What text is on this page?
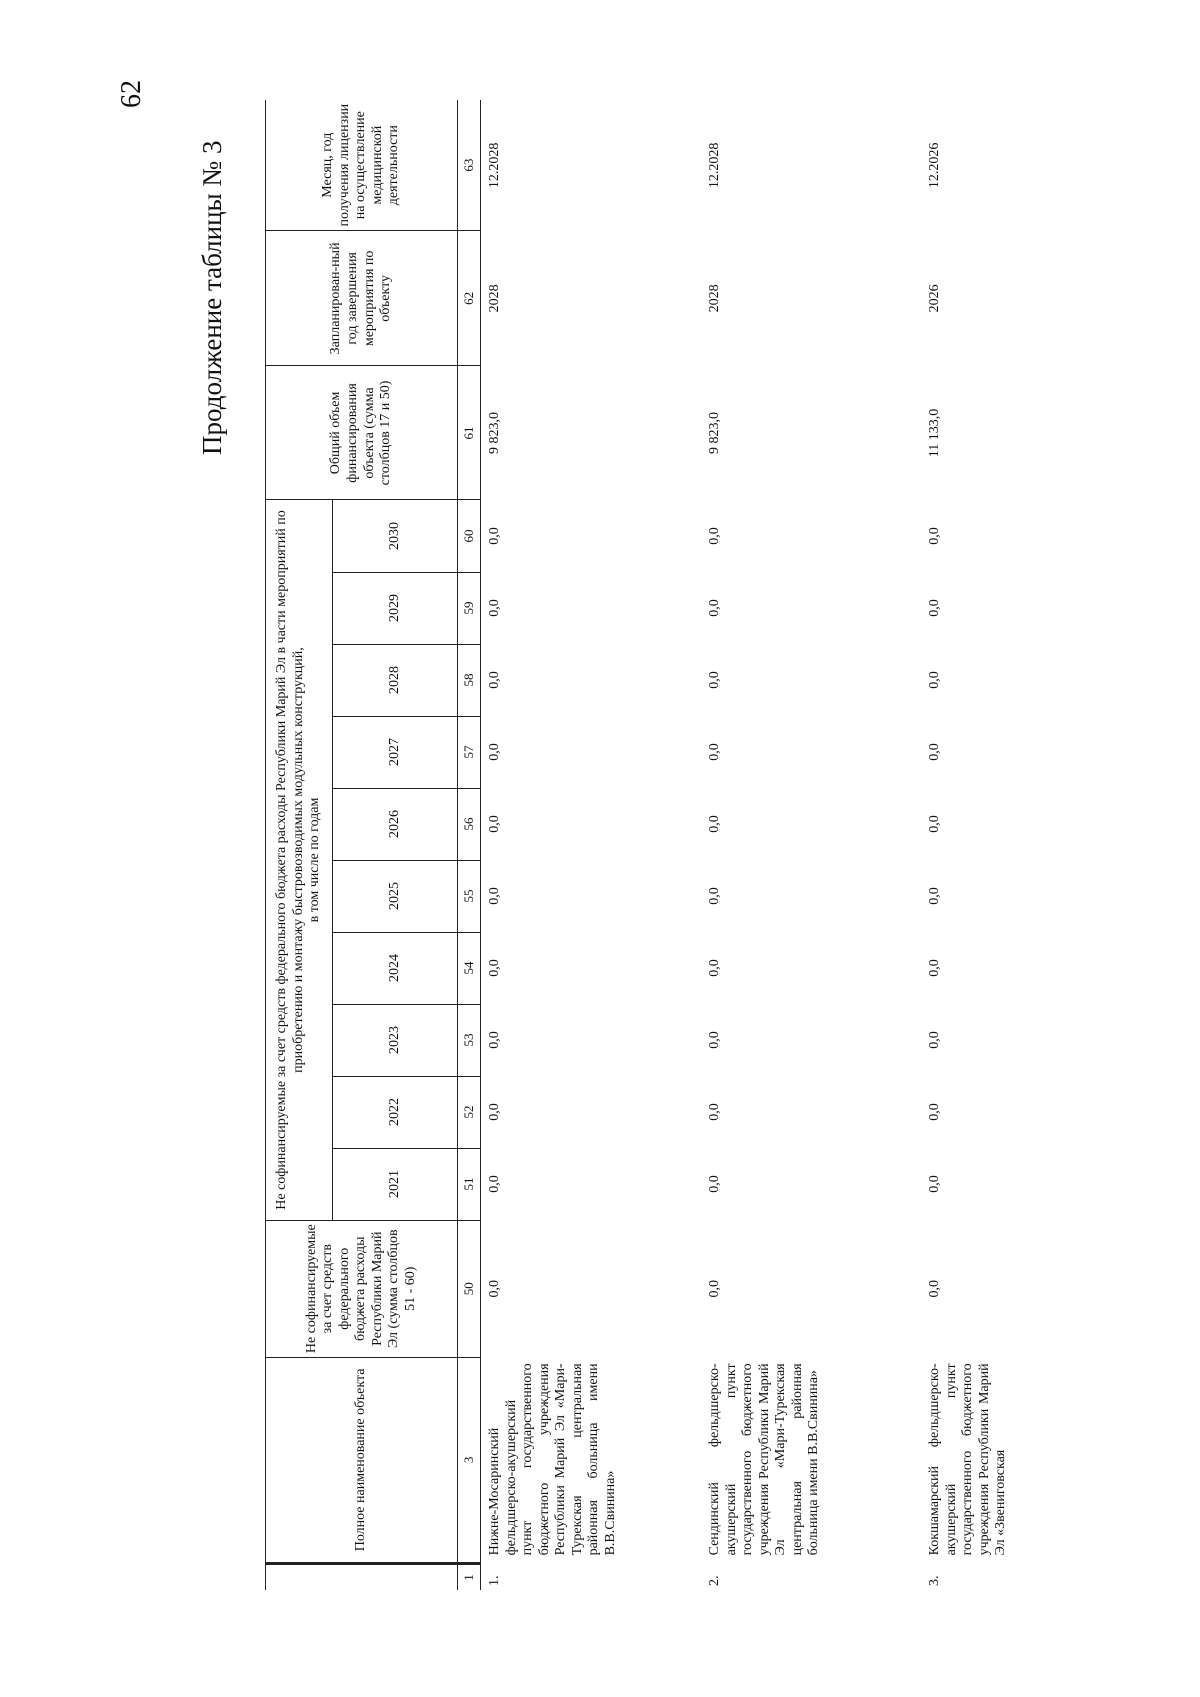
62
Продолжение таблицы № 3
	Полное наименование объекта	Не софинансируемые за счет средств федерального бюджета расходы Республики Марий Эл (сумма столбцов 51 - 60)	Не софинансируемые за счет средств федерального бюджета расходы Республики Марий Эл в части мероприятий по приобретению и монтажу быстровозводимых модульных конструкций, в том числе по годам										Общий объем финансирования объекта (сумма столбцов 17 и 50)	Запланирован-ный год завершения мероприятия по объекту	Месяц, год получения лицензии на осуществление медицинской деятельности
			2021	2022	2023	2024	2025	2026	2027	2028	2029	2030			
1	3	50	51	52	53	54	55	56	57	58	59	60	61	62	63
1.	Нижне-Мосаринский фельдшерско-акушерский пункт государственного бюджетного учреждения Республики Марий Эл «Мари-Турекская центральная районная больница имени В.В.Свинина»	0,0	0,0	0,0	0,0	0,0	0,0	0,0	0,0	0,0	0,0	0,0	9 823,0	2028	12.2028
2.	Сендинский фельдшерско-акушерский пункт государственного бюджетного учреждения Республики Марий Эл «Мари-Турекская центральная районная больница имени В.В.Свинина»	0,0	0,0	0,0	0,0	0,0	0,0	0,0	0,0	0,0	0,0	0,0	9 823,0	2028	12.2028
3.	Кокшамарский фельдшерско-акушерский пункт государственного бюджетного учреждения Республики Марий Эл «Звениговская	0,0	0,0	0,0	0,0	0,0	0,0	0,0	0,0	0,0	0,0	0,0	11 133,0	2026	12.2026
